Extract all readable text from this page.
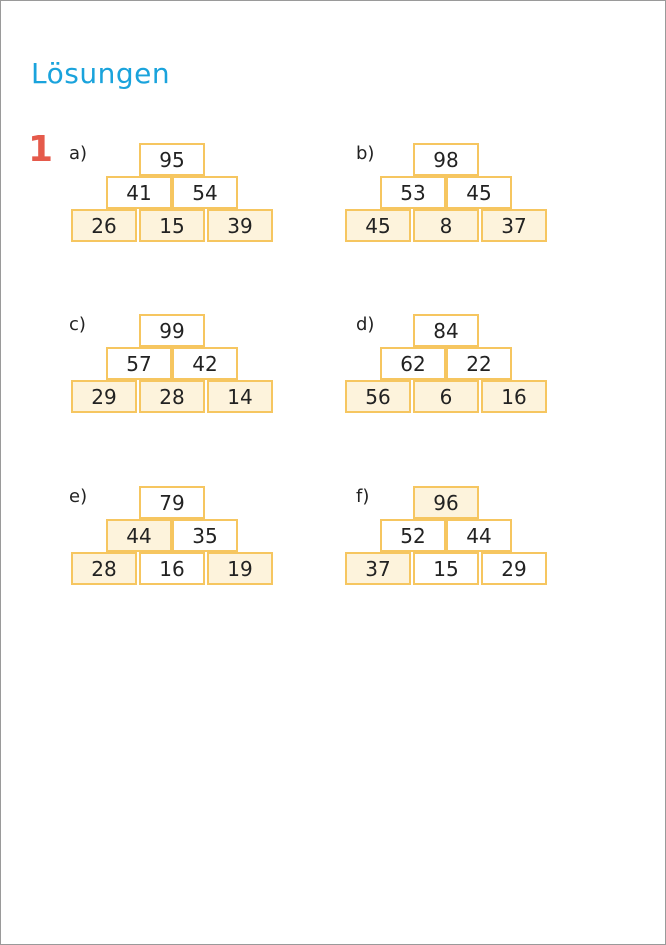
Lösungen
1 a)	95
41	54
26	15	39
b)	98
53	45
45	8	37
c)	99
57	42
29	28	14
d)	84
62	22
56	6	16
e)	79
44	35
28	16	19
f)	96
52	44
37	15	29
